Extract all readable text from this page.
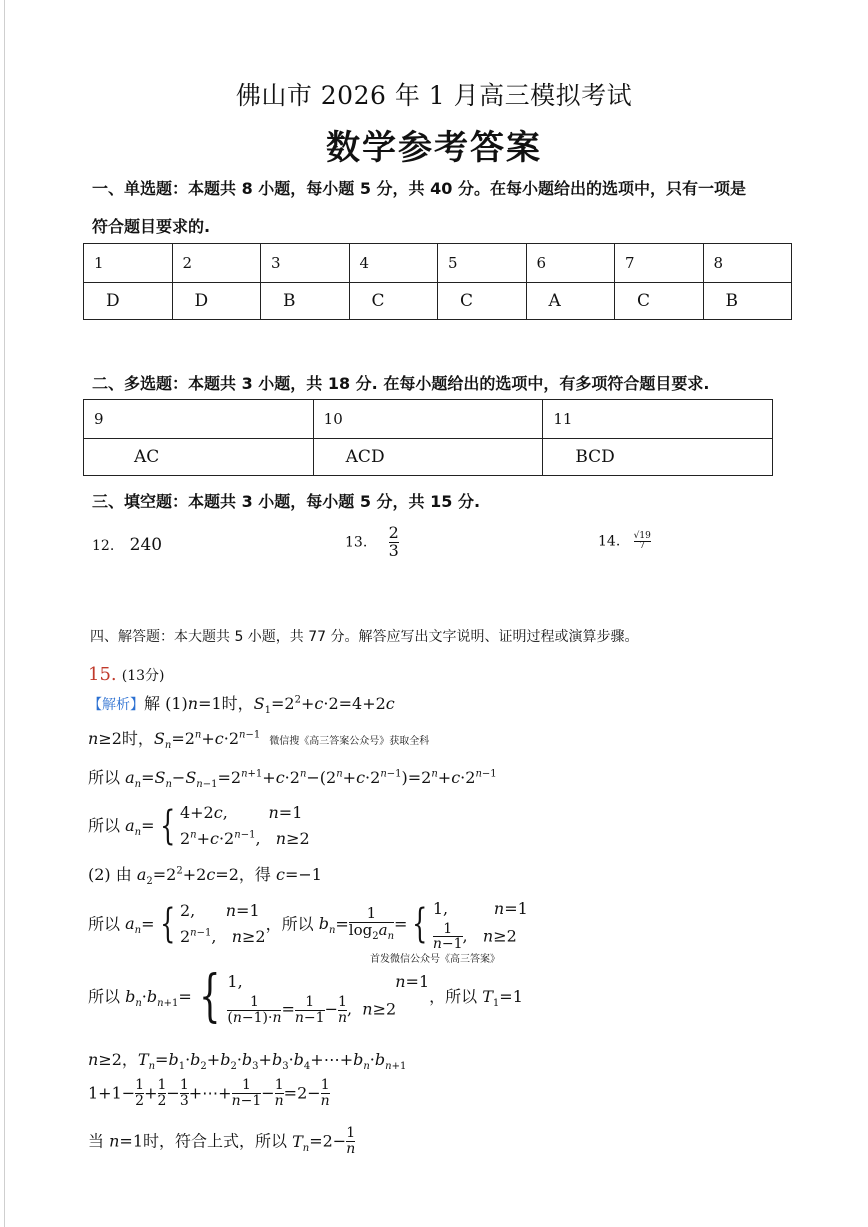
佛山市 2026 年 1 月高三模拟考试
数学参考答案
一、单选题：本题共 8 小题，每小题 5 分，共 40 分。在每小题给出的选项中，只有一项是
符合题目要求的.
1	2	3	4	5	6	7	8
D	D	B	C	C	A	C	B
二、多选题：本题共 3 小题，共 18 分. 在每小题给出的选项中，有多项符合题目要求.
9	10	11
AC	ACD	BCD
三、填空题：本题共 3 小题，每小题 5 分，共 15 分.
12. 240	13. $\frac{2}{3}$	14. $\frac{√19}{7}$
四、解答题：本大题共 5 小题，共 77 分。解答应写出文字说明、证明过程或演算步骤。
15. (13分)
【解析】解 (1)n=1时，$S_1=2^2+c\cdot 2=4+2c$
n≥2时，$S_n=2^n+c\cdot 2^{n-1}$ 微信搜《高三答案公众号》获取全科
所以 $a_n=S_n-S_{n-1}=2^{n+1}+c\cdot 2^n-(2^n+c\cdot 2^{n-1})=2^n+c\cdot 2^{n-1}$
所以 $a_n=$ { 4+2c,        n=1
$2^n+c\cdot 2^{n-1}$,   n≥2
(2) 由 $a_2=2^2+2c=2$，得 c=−1
所以 $a_n=$ { 2,      n=1
$2^{n-1}$,   n≥2，所以 $b_n= \frac{1}{\log_2a_n}$ = { 1,         n=1

$\frac{1}{n-1}$ ,   n≥2
首发微信公众号《高三答案》
所以 $b_n\cdot b_{n+1}=$ { 1,                              n=1

$\frac{1}{(n-1)\cdot n} = \frac{1}{n-1} - \frac{1}{n}$ ,  n≥2，所以 $T_1=1$
n≥2，$T_n=b_1\cdot b_2+b_2\cdot b_3+b_3\cdot b_4+\cdots+b_n\cdot b_{n+1}$
$1+1- \frac{1}{2} + \frac{1}{2} - \frac{1}{3}$ +⋯+ $\frac{1}{n-1} - \frac{1}{n} =2- \frac{1}{n}$
当 n=1时，符合上式，所以 $T_n=2- \frac{1}{n}$
